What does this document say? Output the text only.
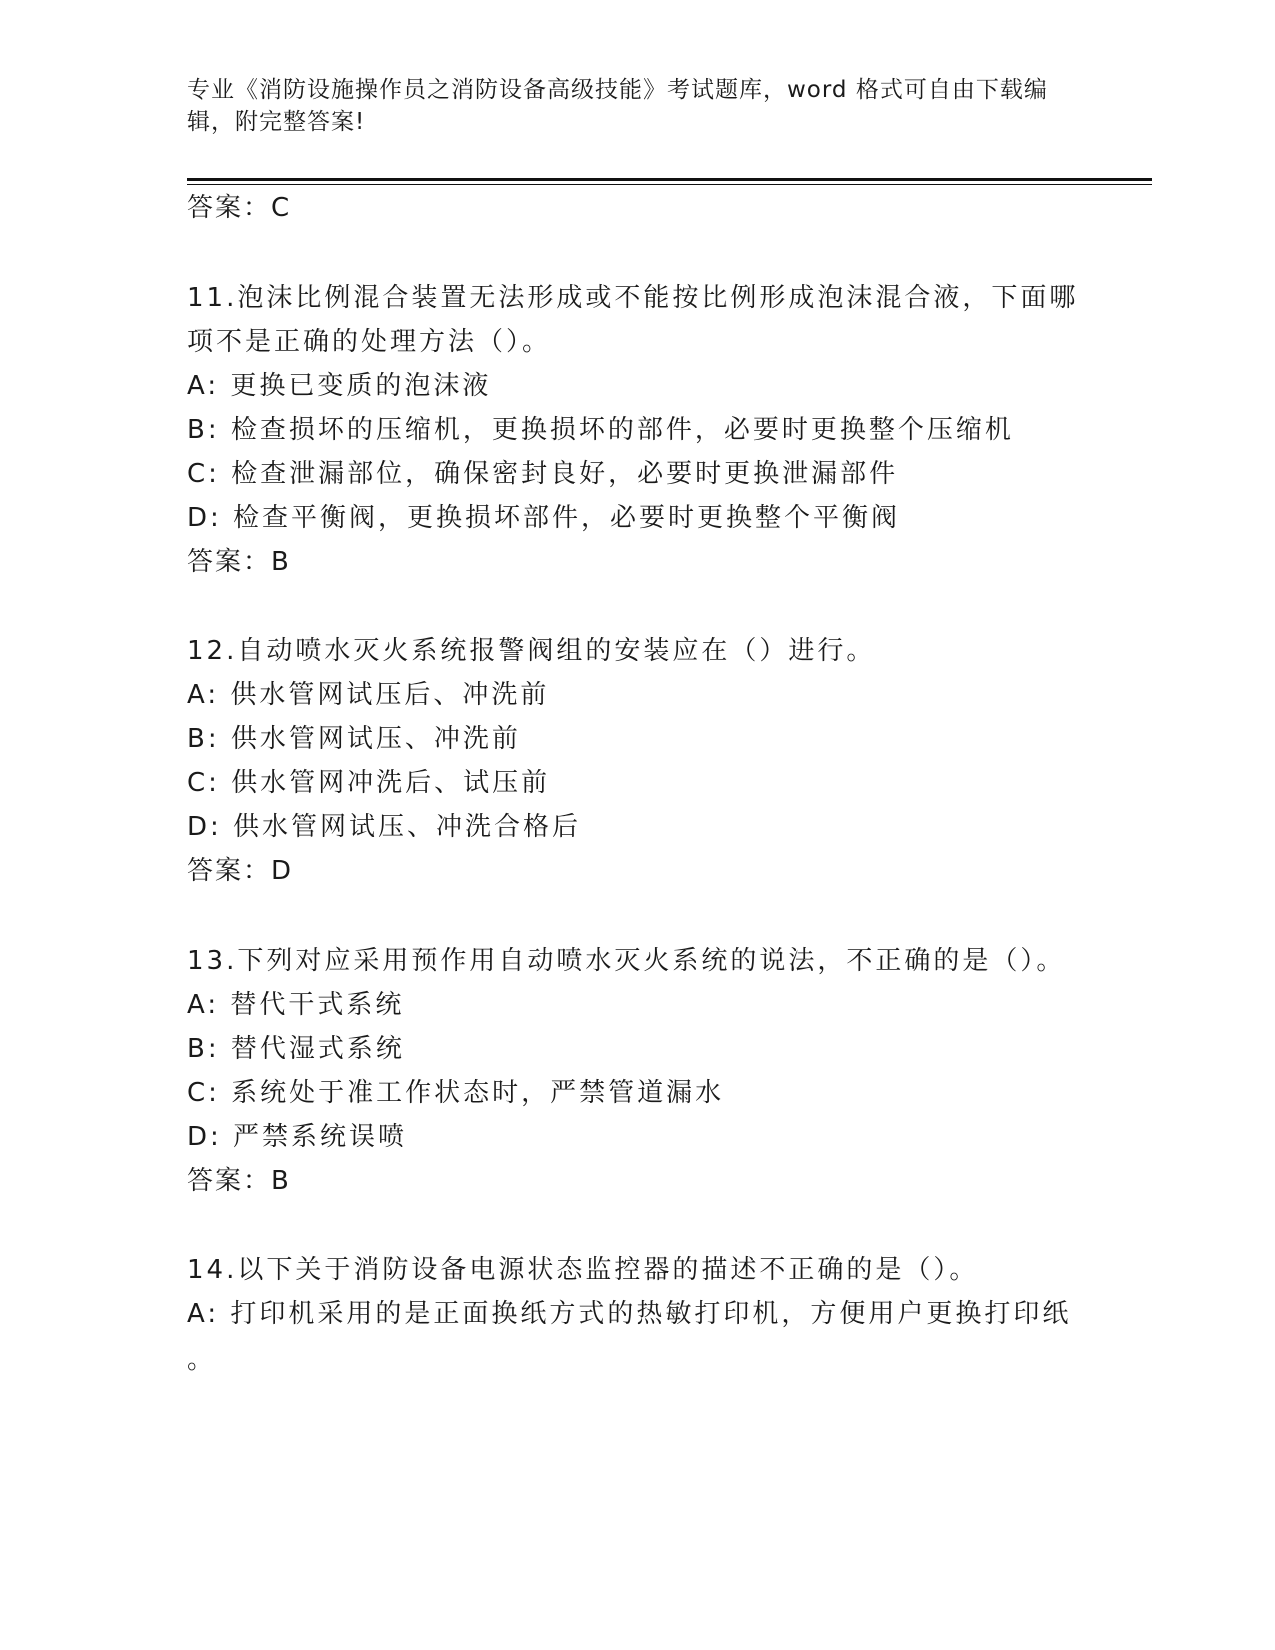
专业《消防设施操作员之消防设备高级技能》考试题库，word 格式可自由下载编
辑，附完整答案!
答案：C
11.泡沫比例混合装置无法形成或不能按比例形成泡沫混合液，下面哪
项不是正确的处理方法（）。
A: 更换已变质的泡沫液
B: 检查损坏的压缩机，更换损坏的部件，必要时更换整个压缩机
C: 检查泄漏部位，确保密封良好，必要时更换泄漏部件
D: 检查平衡阀，更换损坏部件，必要时更换整个平衡阀
答案：B
12.自动喷水灭火系统报警阀组的安装应在（）进行。
A: 供水管网试压后、冲洗前
B: 供水管网试压、冲洗前
C: 供水管网冲洗后、试压前
D: 供水管网试压、冲洗合格后
答案：D
13.下列对应采用预作用自动喷水灭火系统的说法，不正确的是（）。
A: 替代干式系统
B: 替代湿式系统
C: 系统处于准工作状态时，严禁管道漏水
D: 严禁系统误喷
答案：B
14.以下关于消防设备电源状态监控器的描述不正确的是（）。
A: 打印机采用的是正面换纸方式的热敏打印机，方便用户更换打印纸
。
